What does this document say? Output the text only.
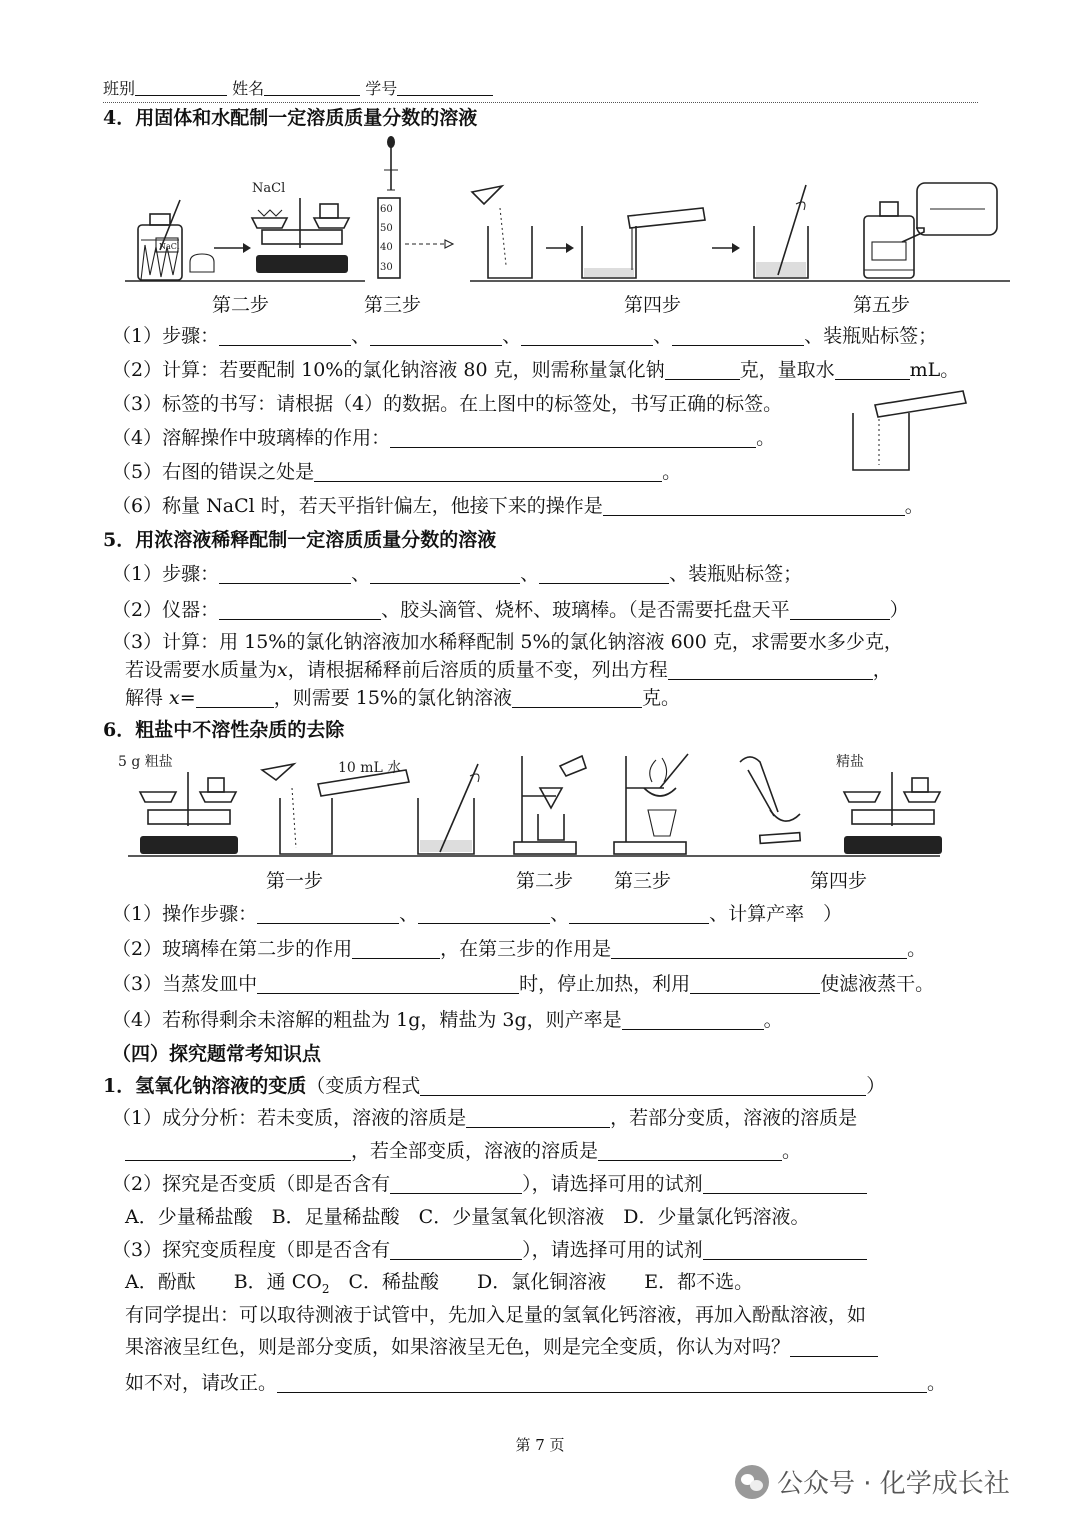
班别	姓名	学号
4．用固体和水配制一定溶质质量分数的溶液
NaCl
NaCl
60
50
40
30
第二步	第三步	第四步	第五步
（1）步骤：	、	、	、	、装瓶贴标签；
（2）计算：若要配制 10%的氯化钠溶液 80 克，则需称量氯化钠	克，量取水	mL。
（3）标签的书写：请根据（4）的数据。在上图中的标签处，书写正确的标签。
（4）溶解操作中玻璃棒的作用：	。
（5）右图的错误之处是	。
（6）称量 NaCl 时，若天平指针偏左，他接下来的操作是	。
5．用浓溶液稀释配制一定溶质质量分数的溶液
（1）步骤：	、	、	、装瓶贴标签；
（2）仪器：	、胶头滴管、烧杯、玻璃棒。（是否需要托盘天平	）
（3）计算：用 15%的氯化钠溶液加水稀释配制 5%的氯化钠溶液 600 克，求需要水多少克，
若设需要水质量为x，请根据稀释前后溶质的质量不变，列出方程	，
解得 x=	，则需要 15%的氯化钠溶液	克。
6．粗盐中不溶性杂质的去除
5 g 粗盐	10 mL 水	精盐
第一步	第二步 第三步	第四步
（1）操作步骤：	、	、	、计算产率　）
（2）玻璃棒在第二步的作用	，在第三步的作用是	。
（3）当蒸发皿中	时，停止加热，利用	使滤液蒸干。
（4）若称得剩余未溶解的粗盐为 1g，精盐为 3g，则产率是	。
（四）探究题常考知识点
1．氢氧化钠溶液的变质（变质方程式	）
（1）成分分析：若未变质，溶液的溶质是	，若部分变质，溶液的溶质是
，若全部变质，溶液的溶质是	。
（2）探究是否变质（即是否含有	），请选择可用的试剂
A．少量稀盐酸　B．足量稀盐酸　C．少量氢氧化钡溶液　D．少量氯化钙溶液。
（3）探究变质程度（即是否含有	），请选择可用的试剂
A．酚酞　　B．通 $CO_2$　C．稀盐酸　　D．氯化铜溶液　　E．都不选。
有同学提出：可以取待测液于试管中，先加入足量的氢氧化钙溶液，再加入酚酞溶液，如
果溶液呈红色，则是部分变质，如果溶液呈无色，则是完全变质，你认为对吗？
如不对，请改正。	。
第 7 页
公众号 · 化学成长社
